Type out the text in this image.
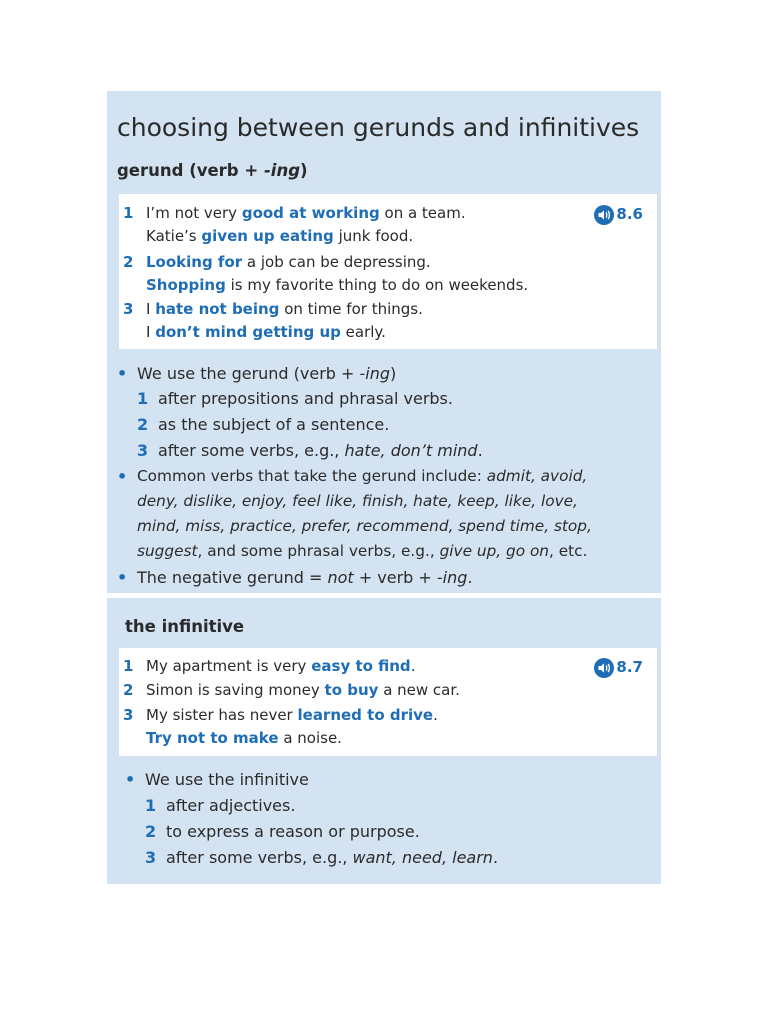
choosing between gerunds and infinitives
gerund (verb + -ing)
8.6
1 I’m not very good at working on a team.
Katie’s given up eating junk food.
2 Looking for a job can be depressing.
Shopping is my favorite thing to do on weekends.
3 I hate not being on time for things.
I don’t mind getting up early.
• We use the gerund (verb + -ing)
1 after prepositions and phrasal verbs.
2 as the subject of a sentence.
3 after some verbs, e.g., hate, don’t mind.
• Common verbs that take the gerund include: admit, avoid,
deny, dislike, enjoy, feel like, finish, hate, keep, like, love,
mind, miss, practice, prefer, recommend, spend time, stop,
suggest, and some phrasal verbs, e.g., give up, go on, etc.
• The negative gerund = not + verb + -ing.
the infinitive
8.7
1 My apartment is very easy to find.
2 Simon is saving money to buy a new car.
3 My sister has never learned to drive.
Try not to make a noise.
• We use the infinitive
1 after adjectives.
2 to express a reason or purpose.
3 after some verbs, e.g., want, need, learn.
